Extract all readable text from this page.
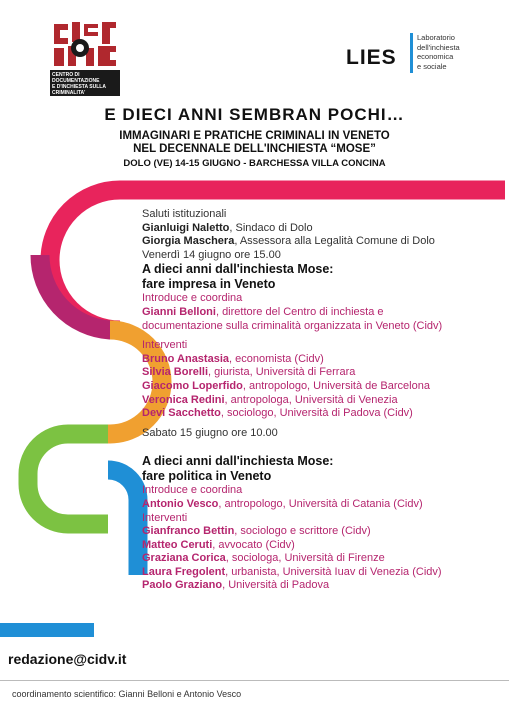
CENTRO DI DOCUMENTAZIONE
E D'INCHIESTA SULLA
CRIMINALITA' ORGANIZZATA
LIES
Laboratorio
dell'inchiesta
economica
e sociale
E DIECI ANNI SEMBRAN POCHI…
IMMAGINARI E PRATICHE CRIMINALI IN VENETO
NEL DECENNALE DELL'INCHIESTA “MOSE”
DOLO (VE) 14-15 GIUGNO - BARCHESSA VILLA CONCINA
Saluti istituzionali
Gianluigi Naletto, Sindaco di Dolo
Giorgia Maschera, Assessora alla Legalità Comune di Dolo
Venerdì 14 giugno ore 15.00
A dieci anni dall'inchiesta Mose:
fare impresa in Veneto
Introduce e coordina
Gianni Belloni, direttore del Centro di inchiesta e
documentazione sulla criminalità organizzata in Veneto (Cidv)
Interventi
Bruno Anastasia, economista (Cidv)
Silvia Borelli, giurista, Università di Ferrara
Giacomo Loperfido, antropologo, Università de Barcelona
Veronica Redini, antropologa, Università di Venezia
Devi Sacchetto, sociologo, Università di Padova (Cidv)
Sabato 15 giugno ore 10.00
A dieci anni dall'inchiesta Mose:
fare politica in Veneto
Introduce e coordina
Antonio Vesco, antropologo, Università di Catania (Cidv)
Interventi
Gianfranco Bettin, sociologo e scrittore (Cidv)
Matteo Ceruti, avvocato (Cidv)
Graziana Corica, sociologa, Università di Firenze
Laura Fregolent, urbanista, Università Iuav di Venezia (Cidv)
Paolo Graziano, Università di Padova
redazione@cidv.it
coordinamento scientifico: Gianni Belloni e Antonio Vesco
